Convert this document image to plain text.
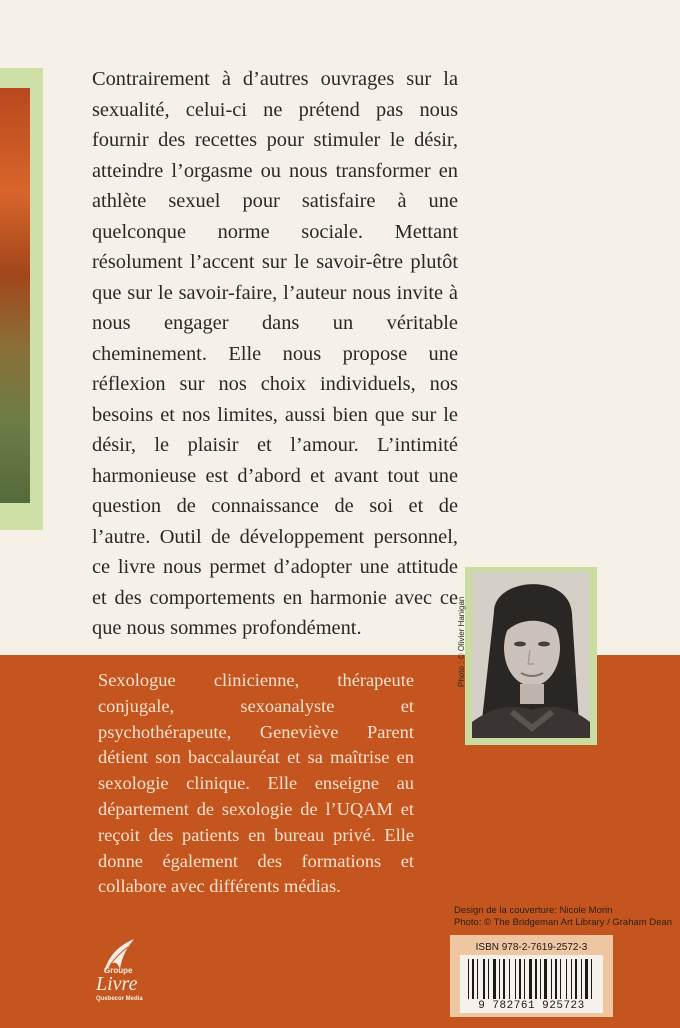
Contrairement à d’autres ouvrages sur la sexualité, celui-ci ne prétend pas nous fournir des recettes pour stimuler le désir, atteindre l’orgasme ou nous transformer en athlète sexuel pour satisfaire à une quelconque norme sociale. Mettant résolument l’accent sur le savoir-être plutôt que sur le savoir-faire, l’auteur nous invite à nous engager dans un véritable cheminement. Elle nous propose une réflexion sur nos choix individuels, nos besoins et nos limites, aussi bien que sur le désir, le plaisir et l’amour. L’intimité harmonieuse est d’abord et avant tout une question de connaissance de soi et de l’autre. Outil de développement personnel, ce livre nous permet d’adopter une attitude et des comportements en harmonie avec ce que nous sommes profondément.	Photo : © Olivier Hanigan

Sexologue clinicienne, thérapeute conjugale, sexoanalyste et psychothérapeute, Geneviève Parent détient son baccalauréat et sa maîtrise en sexologie clinique. Elle enseigne au département de sexologie de l’UQAM et reçoit des patients en bureau privé. Elle donne également des formations et collabore avec différents médias.

Design de la couverture: Nicole Morin
Photo: © The Bridgeman Art Library / Graham Dean
ISBN 978-2-7619-2572-3
9 782761 925723
Groupe
Livre
Quebecor Media
